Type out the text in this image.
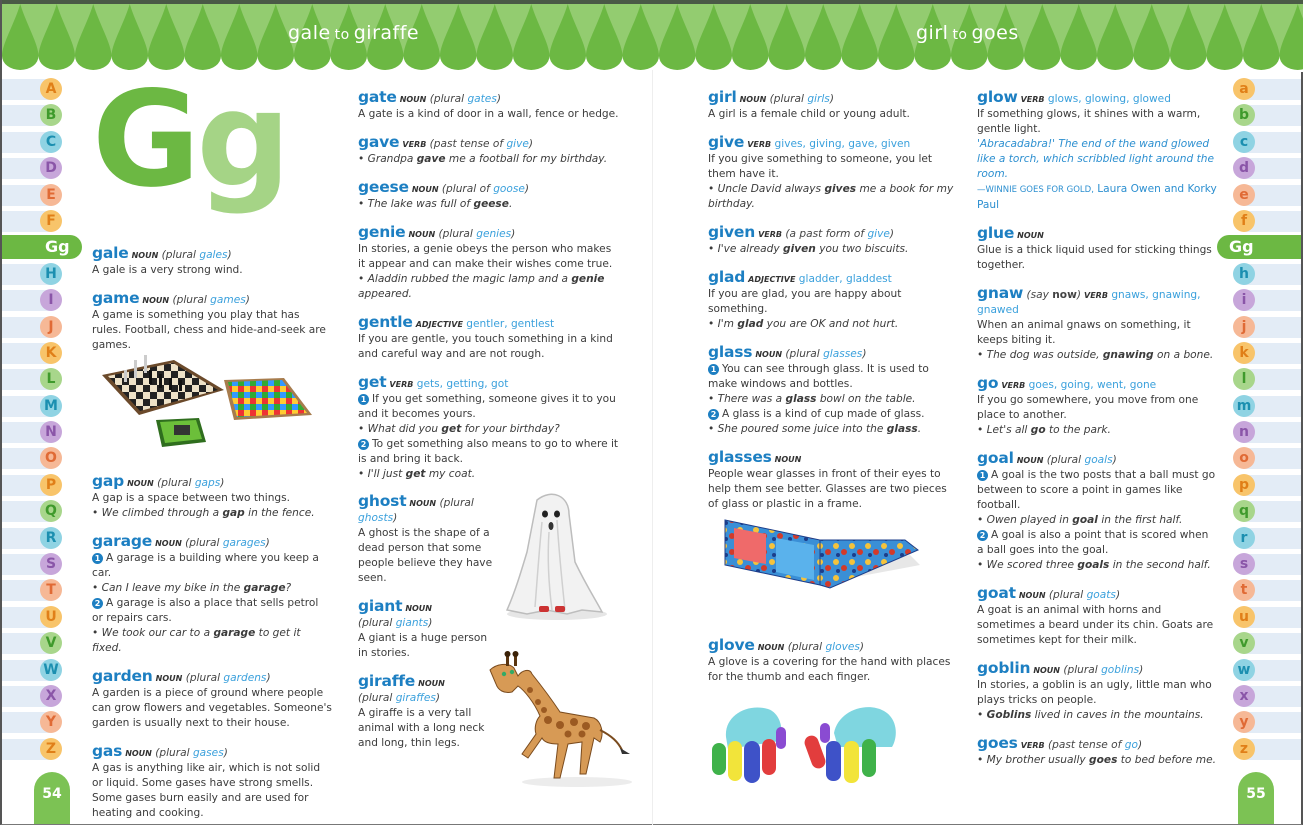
gale to giraffe	girl to goes
A
B
C
D
E
F
Gg
H
I
J
K
L
M
N
O
P
Q
R
S
T
U
V
W
X
Y
Z
a
b
c
d
e
f
Gg
h
i
j
k
l
m
n
o
p
q
r
s
t
u
v
w
x
y
z
54	55
Gg
gale NOUN (plural gales)
A gale is a very strong wind.
game NOUN (plural games)
A game is something you play that has rules. Football, chess and hide-and-seek are games.
gap NOUN (plural gaps)
A gap is a space between two things.
• We climbed through a gap in the fence.
garage NOUN (plural garages)
1 A garage is a building where you keep a car.
• Can I leave my bike in the garage?
2 A garage is also a place that sells petrol or repairs cars.
• We took our car to a garage to get it fixed.
garden NOUN (plural gardens)
A garden is a piece of ground where people can grow flowers and vegetables. Someone's garden is usually next to their house.
gas NOUN (plural gases)
A gas is anything like air, which is not solid or liquid. Some gases have strong smells. Some gases burn easily and are used for heating and cooking.
gate NOUN (plural gates)
A gate is a kind of door in a wall, fence or hedge.
gave VERB (past tense of give)
• Grandpa gave me a football for my birthday.
geese NOUN (plural of goose)
• The lake was full of geese.
genie NOUN (plural genies)
In stories, a genie obeys the person who makes it appear and can make their wishes come true.
• Aladdin rubbed the magic lamp and a genie appeared.
gentle ADJECTIVE gentler, gentlest
If you are gentle, you touch something in a kind and careful way and are not rough.
get VERB gets, getting, got
1 If you get something, someone gives it to you and it becomes yours.
• What did you get for your birthday?
2 To get something also means to go to where it is and bring it back.
• I'll just get my coat.
ghost NOUN (plural ghosts)
A ghost is the shape of a dead person that some people believe they have seen.
giant NOUN
(plural giants)
A giant is a huge person in stories.
giraffe NOUN
(plural giraffes)
A giraffe is a very tall animal with a long neck and long, thin legs.
girl NOUN (plural girls)
A girl is a female child or young adult.
give VERB gives, giving, gave, given
If you give something to someone, you let them have it.
• Uncle David always gives me a book for my birthday.
given VERB (a past form of give)
• I've already given you two biscuits.
glad ADJECTIVE gladder, gladdest
If you are glad, you are happy about something.
• I'm glad you are OK and not hurt.
glass NOUN (plural glasses)
1 You can see through glass. It is used to make windows and bottles.
• There was a glass bowl on the table.
2 A glass is a kind of cup made of glass.
• She poured some juice into the glass.
glasses NOUN
People wear glasses in front of their eyes to help them see better. Glasses are two pieces of glass or plastic in a frame.
glove NOUN (plural gloves)
A glove is a covering for the hand with places for the thumb and each finger.
glow VERB glows, glowing, glowed
If something glows, it shines with a warm, gentle light.
'Abracadabra!' The end of the wand glowed like a torch, which scribbled light around the room.
—WINNIE GOES FOR GOLD, Laura Owen and Korky Paul
glue NOUN
Glue is a thick liquid used for sticking things together.
gnaw (say now) VERB gnaws, gnawing, gnawed
When an animal gnaws on something, it keeps biting it.
• The dog was outside, gnawing on a bone.
go VERB goes, going, went, gone
If you go somewhere, you move from one place to another.
• Let's all go to the park.
goal NOUN (plural goals)
1 A goal is the two posts that a ball must go between to score a point in games like football.
• Owen played in goal in the first half.
2 A goal is also a point that is scored when a ball goes into the goal.
• We scored three goals in the second half.
goat NOUN (plural goats)
A goat is an animal with horns and sometimes a beard under its chin. Goats are sometimes kept for their milk.
goblin NOUN (plural goblins)
In stories, a goblin is an ugly, little man who plays tricks on people.
• Goblins lived in caves in the mountains.
goes VERB (past tense of go)
• My brother usually goes to bed before me.
